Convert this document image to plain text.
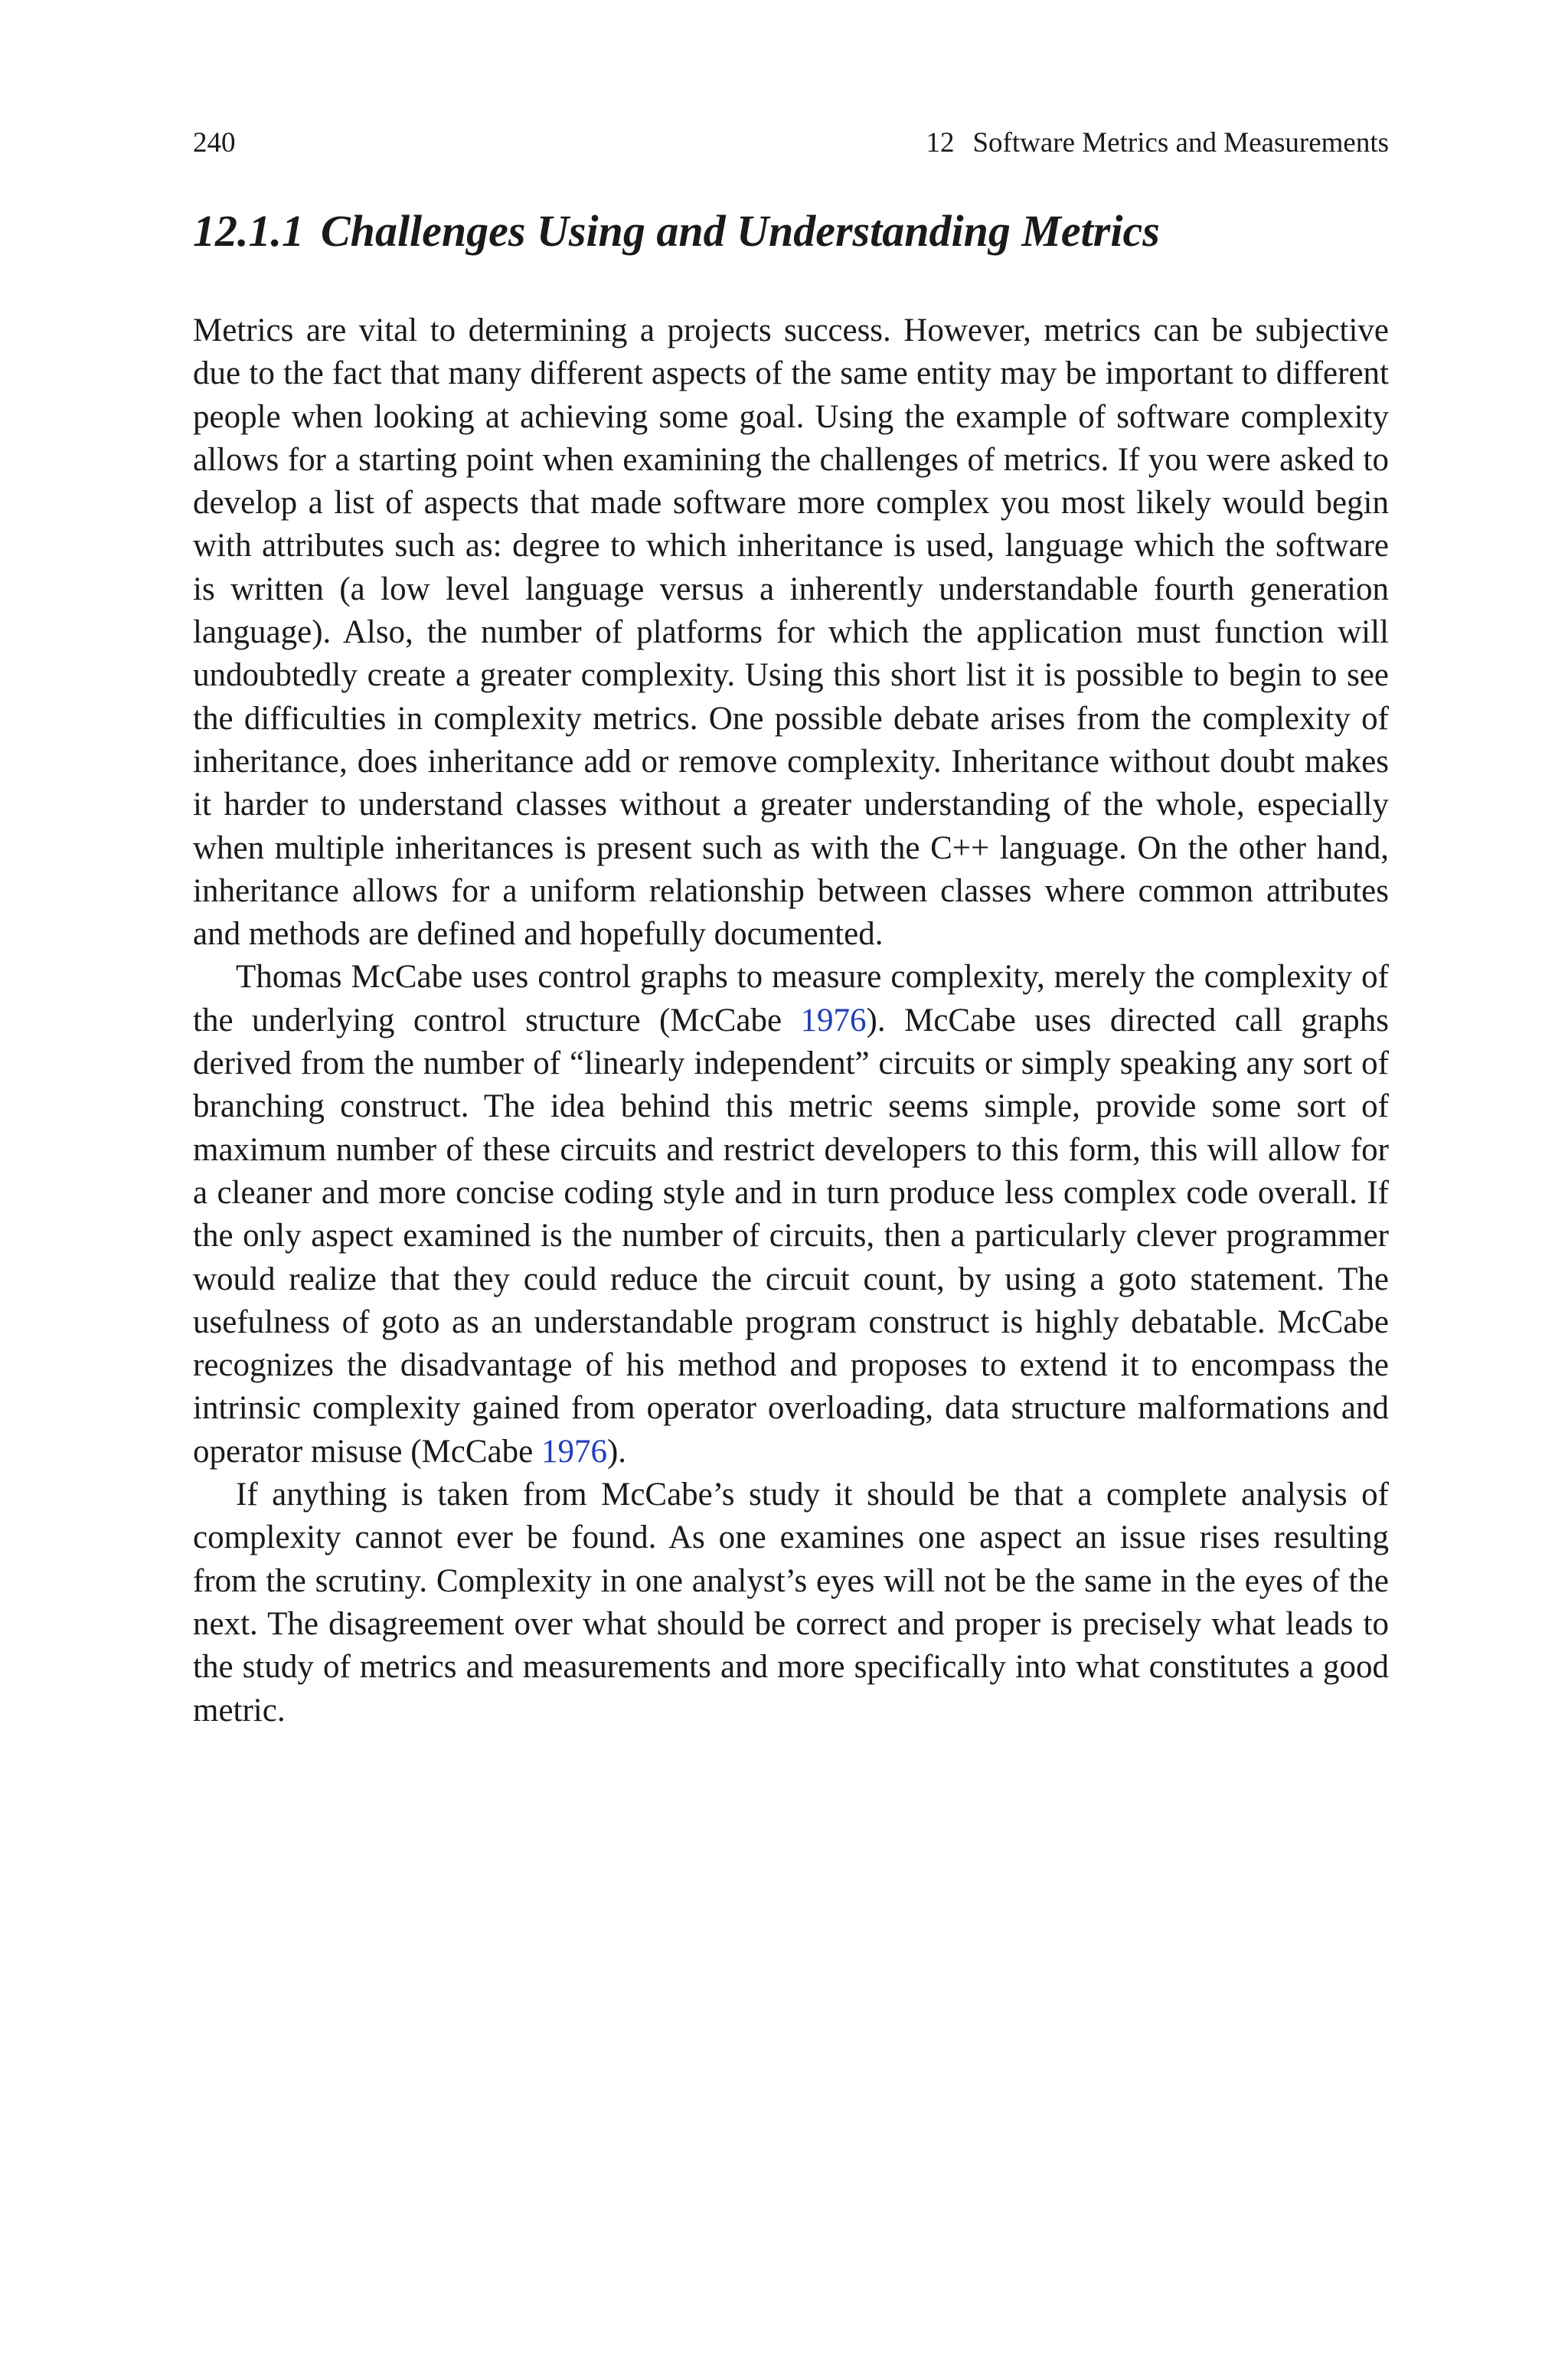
240	12 Software Metrics and Measurements
12.1.1 Challenges Using and Understanding Metrics

Metrics are vital to determining a projects success. However, metrics can be subjective due to the fact that many different aspects of the same entity may be important to different people when looking at achieving some goal. Using the example of software complexity allows for a starting point when examining the challenges of metrics. If you were asked to develop a list of aspects that made software more complex you most likely would begin with attributes such as: degree to which inheritance is used, language which the software is written (a low level language versus a inherently understandable fourth generation language). Also, the number of platforms for which the application must function will undoubtedly create a greater complexity. Using this short list it is possible to begin to see the difficulties in complexity metrics. One possible debate arises from the complexity of inheritance, does inheritance add or remove complexity. Inheritance without doubt makes it harder to understand classes without a greater understanding of the whole, especially when multiple inheritances is present such as with the C++ language. On the other hand, inheritance allows for a uniform relationship between classes where common attributes and methods are defined and hopefully documented.

Thomas McCabe uses control graphs to measure complexity, merely the complexity of the underlying control structure (McCabe 1976). McCabe uses directed call graphs derived from the number of “linearly independent” circuits or simply speaking any sort of branching construct. The idea behind this metric seems simple, provide some sort of maximum number of these circuits and restrict developers to this form, this will allow for a cleaner and more concise coding style and in turn produce less complex code overall. If the only aspect examined is the number of circuits, then a particularly clever programmer would realize that they could reduce the circuit count, by using a goto statement. The usefulness of goto as an understandable program construct is highly debatable. McCabe recognizes the disadvantage of his method and proposes to extend it to encompass the intrinsic complexity gained from operator overloading, data structure malformations and operator misuse (McCabe 1976).

If anything is taken from McCabe’s study it should be that a complete analysis of complexity cannot ever be found. As one examines one aspect an issue rises resulting from the scrutiny. Complexity in one analyst’s eyes will not be the same in the eyes of the next. The disagreement over what should be correct and proper is precisely what leads to the study of metrics and measurements and more specifically into what constitutes a good metric.
